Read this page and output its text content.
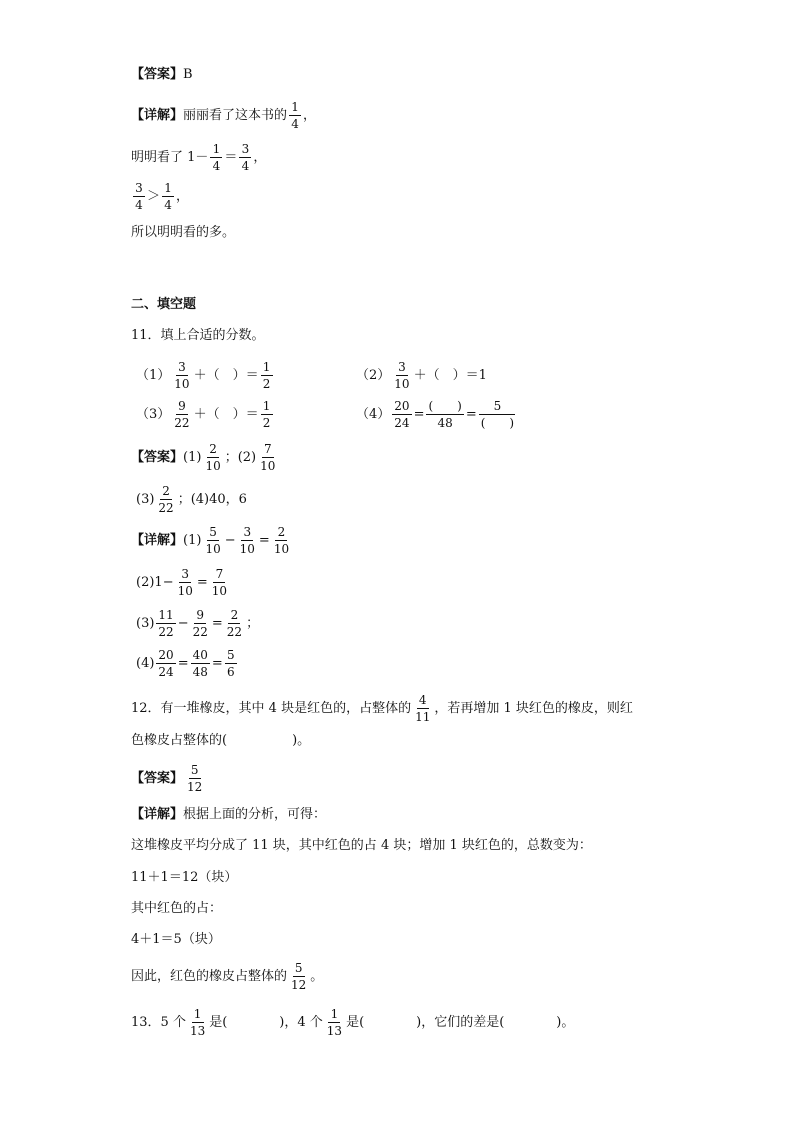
【答案】 B
【详解】 丽丽看了这本书的
1
4
，
明明看了 1－
1
4
＝
3
4
，
3
4
＞
1
4
，
所以明明看的多。
二、填空题
11．填上合适的分数。
（1）
3
10
＋（　）＝
1
2
（2）
3
10
＋（　）＝1
（3）
9
22
＋（　）＝
1
2
$(4) \frac{20}{24}$ =
(　　)
48
=
5
(　　)
【答案】 (1)
2
10
；(2)
7
10
(3)
2
22
；(4)40，6
【详解】 (1)
5
10
− $\frac{3}{10} = \frac{2}{10}$
(2) $1- \frac{3}{10} = \frac{7}{10}$
(3)
11
22
− $\frac{9}{22} = \frac{2}{22}$ ；
$(4) \frac{20}{24} = \frac{40}{48} = \frac{5}{6}$
12．有一堆橡皮，其中 4 块是红色的，占整体的
4
11
，若再增加 1 块红色的橡皮，则红
色橡皮占整体的(　　　　　)。
【答案】
5
12
【详解】 根据上面的分析，可得：
这堆橡皮平均分成了 11 块，其中红色的占 4 块；增加 1 块红色的，总数变为：
11＋1＝12（块）
其中红色的占：
4＋1＝5（块）
因此，红色的橡皮占整体的
5
12
。
13．5 个
1
13
是(　　　　)，4 个
1
13
是(　　　　)，它们的差是(　　　　)。
